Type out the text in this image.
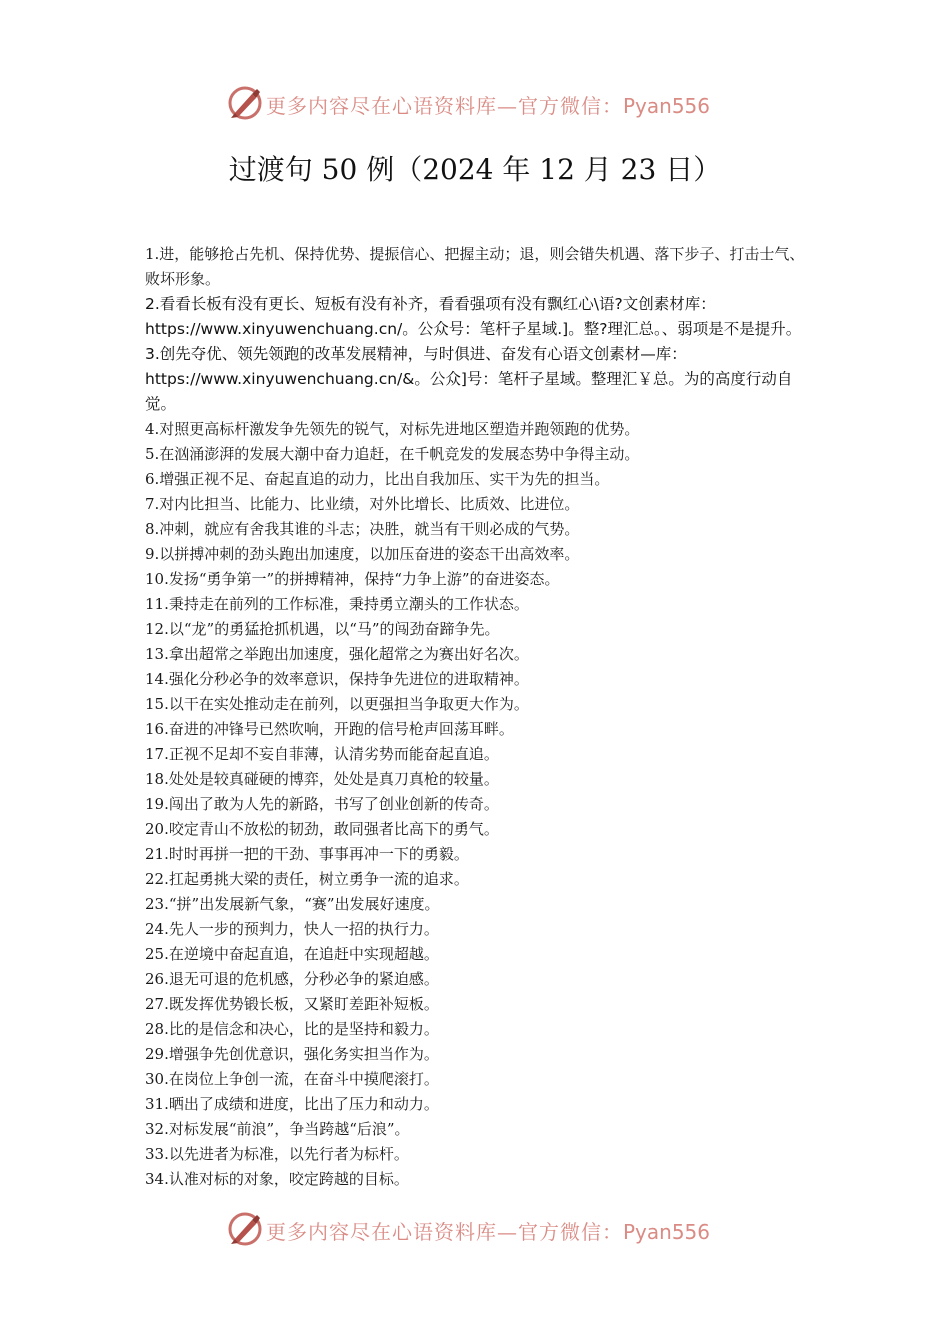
更多内容尽在心语资料库—官方微信：Pyan556
过渡句 50 例（2024 年 12 月 23 日）
1.进，能够抢占先机、保持优势、提振信心、把握主动；退，则会错失机遇、落下步子、打击士气、败坏形象。
2.看看长板有没有更长、短板有没有补齐，看看强项有没有飘红心\语?文创素材库：https://www.xinyuwenchuang.cn/。公众号：笔杆子星域.]。整?理汇总。、弱项是不是提升。
3.创先夺优、领先领跑的改革发展精神，与时俱进、奋发有心语文创素材—库：https://www.xinyuwenchuang.cn/&。公众]号：笔杆子星域。整理汇￥总。为的高度行动自觉。
4.对照更高标杆激发争先领先的锐气，对标先进地区塑造并跑领跑的优势。
5.在汹涌澎湃的发展大潮中奋力追赶，在千帆竞发的发展态势中争得主动。
6.增强正视不足、奋起直追的动力，比出自我加压、实干为先的担当。
7.对内比担当、比能力、比业绩，对外比增长、比质效、比进位。
8.冲刺，就应有舍我其谁的斗志；决胜，就当有干则必成的气势。
9.以拼搏冲刺的劲头跑出加速度，以加压奋进的姿态干出高效率。
10.发扬“勇争第一”的拼搏精神，保持“力争上游”的奋进姿态。
11.秉持走在前列的工作标准，秉持勇立潮头的工作状态。
12.以“龙”的勇猛抢抓机遇，以“马”的闯劲奋蹄争先。
13.拿出超常之举跑出加速度，强化超常之为赛出好名次。
14.强化分秒必争的效率意识，保持争先进位的进取精神。
15.以干在实处推动走在前列，以更强担当争取更大作为。
16.奋进的冲锋号已然吹响，开跑的信号枪声回荡耳畔。
17.正视不足却不妄自菲薄，认清劣势而能奋起直追。
18.处处是较真碰硬的博弈，处处是真刀真枪的较量。
19.闯出了敢为人先的新路，书写了创业创新的传奇。
20.咬定青山不放松的韧劲，敢同强者比高下的勇气。
21.时时再拼一把的干劲、事事再冲一下的勇毅。
22.扛起勇挑大梁的责任，树立勇争一流的追求。
23.“拼”出发展新气象，“赛”出发展好速度。
24.先人一步的预判力，快人一招的执行力。
25.在逆境中奋起直追，在追赶中实现超越。
26.退无可退的危机感，分秒必争的紧迫感。
27.既发挥优势锻长板，又紧盯差距补短板。
28.比的是信念和决心，比的是坚持和毅力。
29.增强争先创优意识，强化务实担当作为。
30.在岗位上争创一流，在奋斗中摸爬滚打。
31.晒出了成绩和进度，比出了压力和动力。
32.对标发展“前浪”，争当跨越“后浪”。
33.以先进者为标准，以先行者为标杆。
34.认准对标的对象，咬定跨越的目标。
更多内容尽在心语资料库—官方微信：Pyan556
